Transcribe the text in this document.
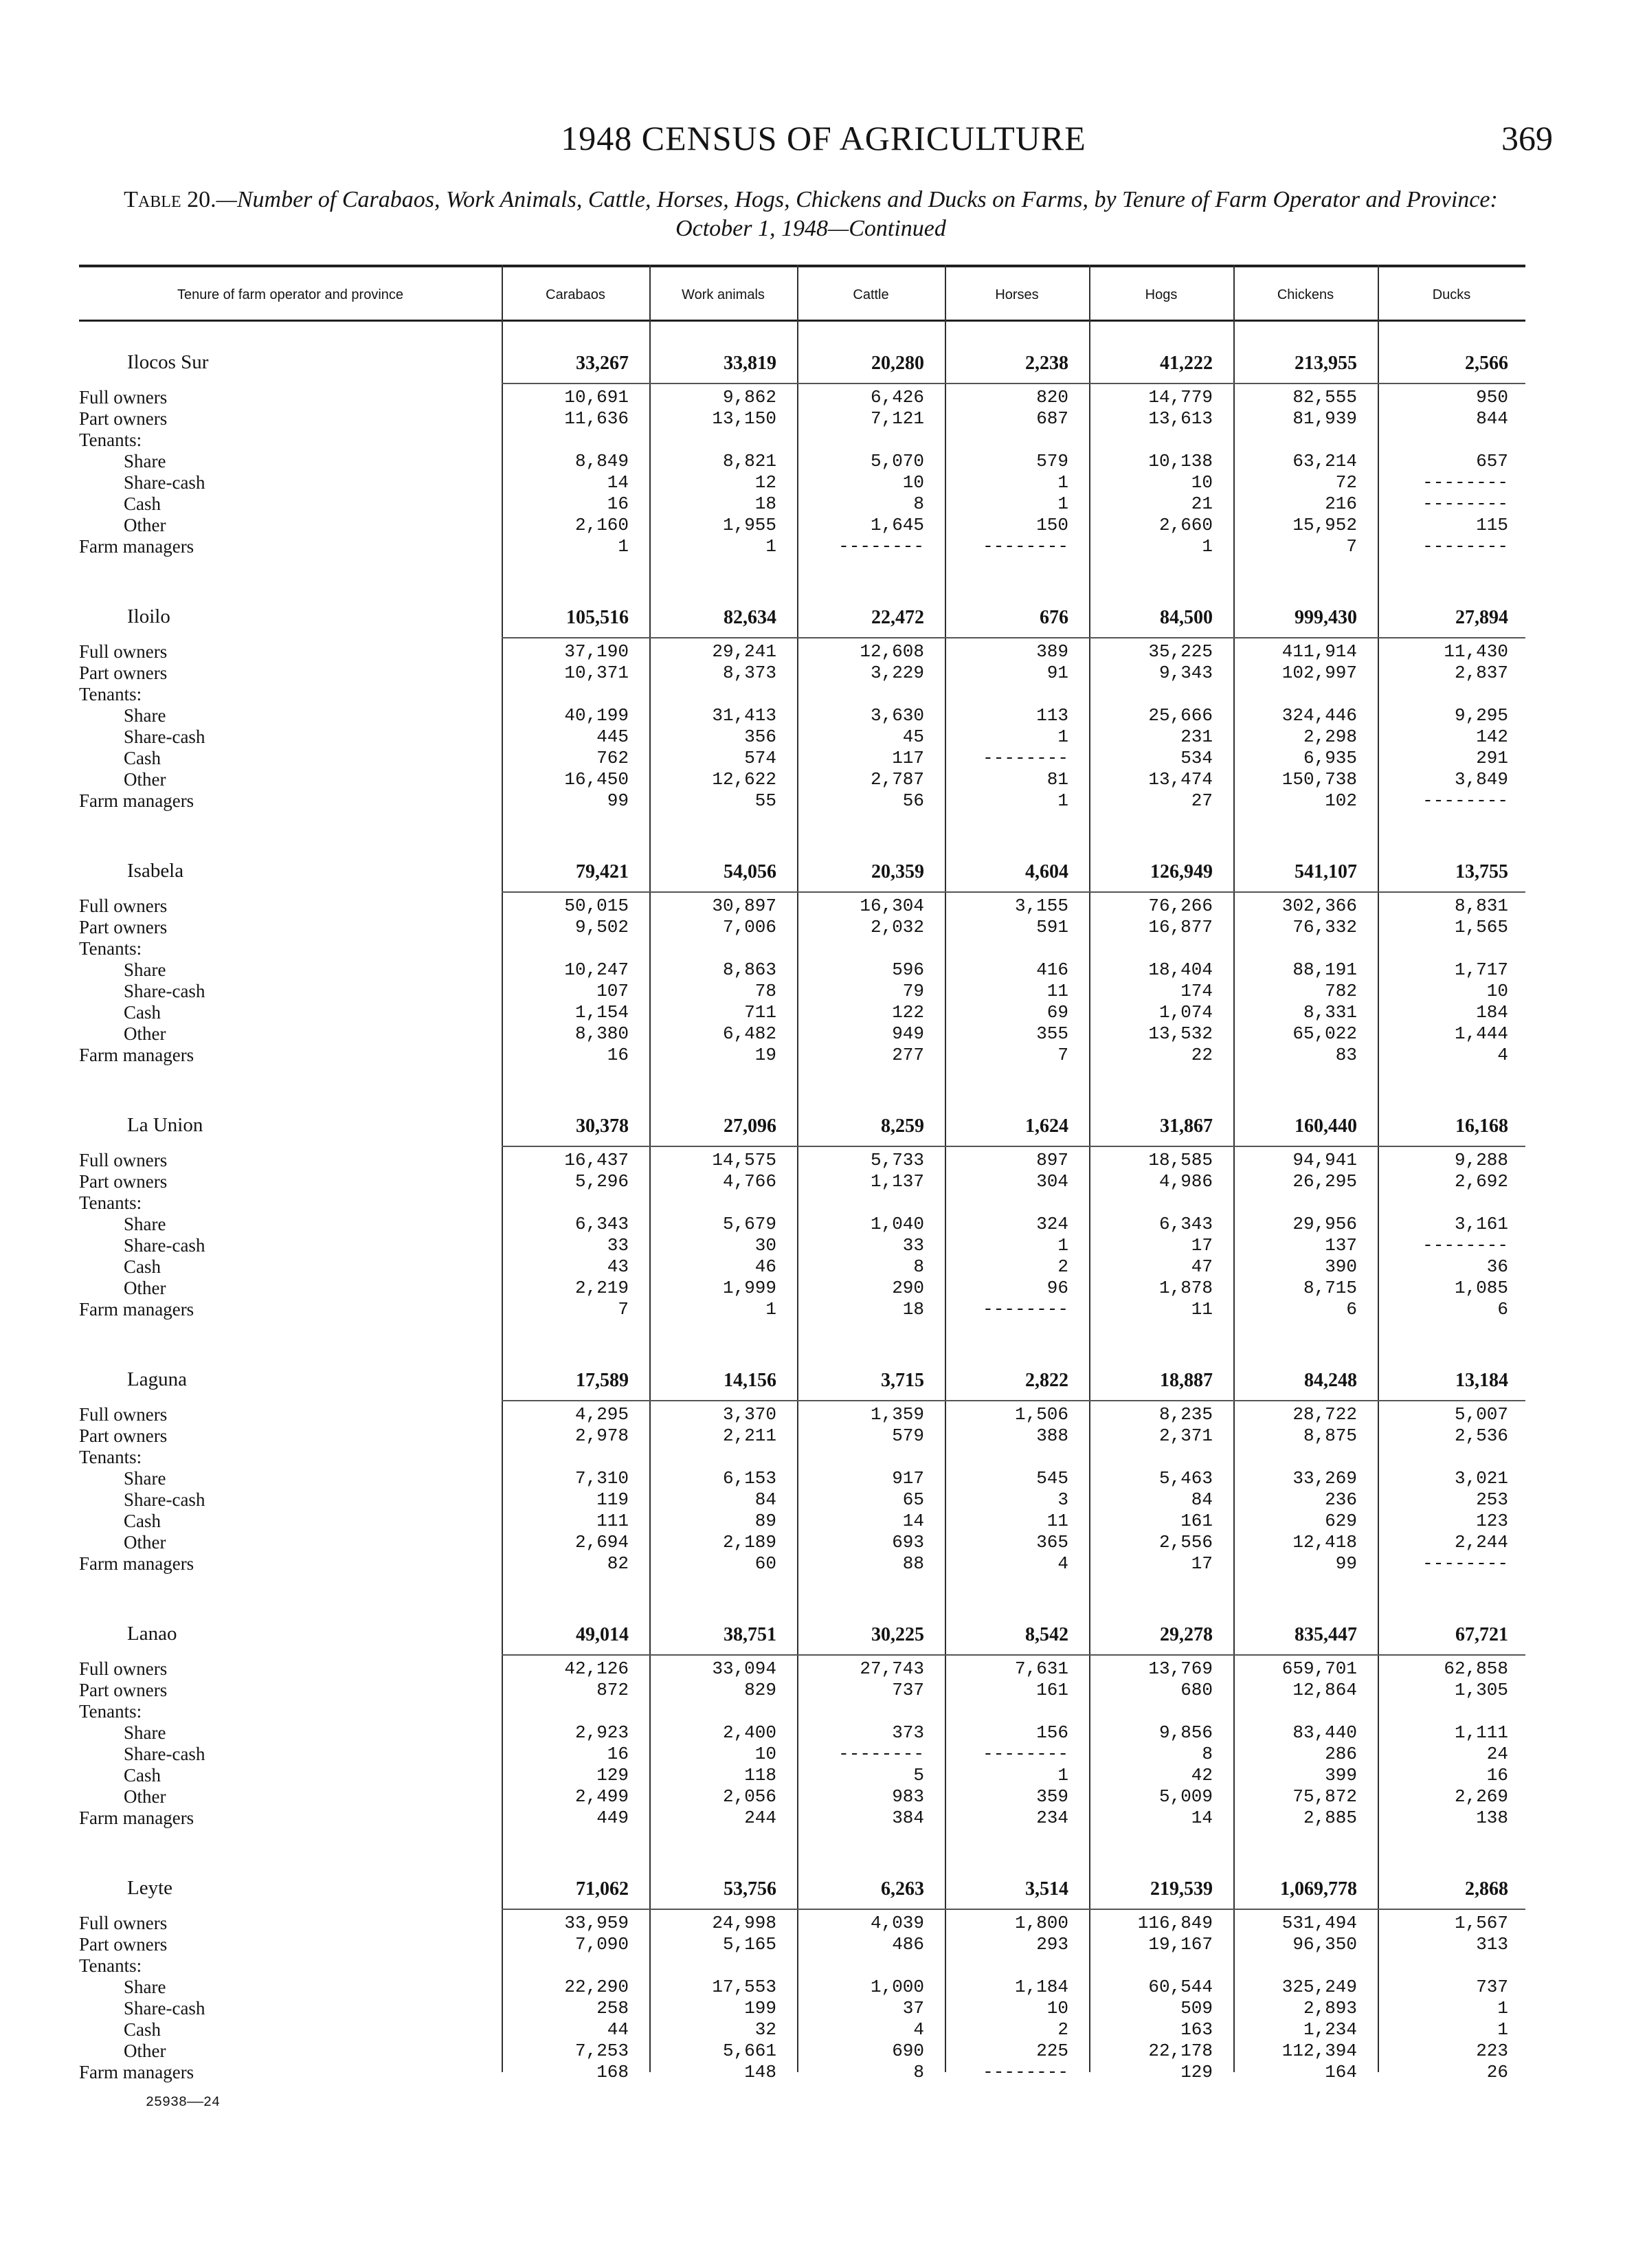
1948 CENSUS OF AGRICULTURE	369
Table 20.—Number of Carabaos, Work Animals, Cattle, Horses, Hogs, Chickens and Ducks on Farms, by Tenure of Farm Operator and Province: October 1, 1948—Continued
Tenure of farm operator and province	Carabaos	Work animals	Cattle	Horses	Hogs	Chickens	Ducks
Ilocos Sur	33,267	33,819	20,280	2,238	41,222	213,955	2,566
Full owners	10,691	9,862	6,426	820	14,779	82,555	950
Part owners	11,636	13,150	7,121	687	13,613	81,939	844
Tenants:
Share	8,849	8,821	5,070	579	10,138	63,214	657
Share-cash	14	12	10	1	10	72	--------
Cash	16	18	8	1	21	216	--------
Other	2,160	1,955	1,645	150	2,660	15,952	115
Farm managers	1	1	--------	--------	1	7	--------
Iloilo	105,516	82,634	22,472	676	84,500	999,430	27,894
Full owners	37,190	29,241	12,608	389	35,225	411,914	11,430
Part owners	10,371	8,373	3,229	91	9,343	102,997	2,837
Tenants:
Share	40,199	31,413	3,630	113	25,666	324,446	9,295
Share-cash	445	356	45	1	231	2,298	142
Cash	762	574	117	--------	534	6,935	291
Other	16,450	12,622	2,787	81	13,474	150,738	3,849
Farm managers	99	55	56	1	27	102	--------
Isabela	79,421	54,056	20,359	4,604	126,949	541,107	13,755
Full owners	50,015	30,897	16,304	3,155	76,266	302,366	8,831
Part owners	9,502	7,006	2,032	591	16,877	76,332	1,565
Tenants:
Share	10,247	8,863	596	416	18,404	88,191	1,717
Share-cash	107	78	79	11	174	782	10
Cash	1,154	711	122	69	1,074	8,331	184
Other	8,380	6,482	949	355	13,532	65,022	1,444
Farm managers	16	19	277	7	22	83	4
La Union	30,378	27,096	8,259	1,624	31,867	160,440	16,168
Full owners	16,437	14,575	5,733	897	18,585	94,941	9,288
Part owners	5,296	4,766	1,137	304	4,986	26,295	2,692
Tenants:
Share	6,343	5,679	1,040	324	6,343	29,956	3,161
Share-cash	33	30	33	1	17	137	--------
Cash	43	46	8	2	47	390	36
Other	2,219	1,999	290	96	1,878	8,715	1,085
Farm managers	7	1	18	--------	11	6	6
Laguna	17,589	14,156	3,715	2,822	18,887	84,248	13,184
Full owners	4,295	3,370	1,359	1,506	8,235	28,722	5,007
Part owners	2,978	2,211	579	388	2,371	8,875	2,536
Tenants:
Share	7,310	6,153	917	545	5,463	33,269	3,021
Share-cash	119	84	65	3	84	236	253
Cash	111	89	14	11	161	629	123
Other	2,694	2,189	693	365	2,556	12,418	2,244
Farm managers	82	60	88	4	17	99	--------
Lanao	49,014	38,751	30,225	8,542	29,278	835,447	67,721
Full owners	42,126	33,094	27,743	7,631	13,769	659,701	62,858
Part owners	872	829	737	161	680	12,864	1,305
Tenants:
Share	2,923	2,400	373	156	9,856	83,440	1,111
Share-cash	16	10	--------	--------	8	286	24
Cash	129	118	5	1	42	399	16
Other	2,499	2,056	983	359	5,009	75,872	2,269
Farm managers	449	244	384	234	14	2,885	138
Leyte	71,062	53,756	6,263	3,514	219,539	1,069,778	2,868
Full owners	33,959	24,998	4,039	1,800	116,849	531,494	1,567
Part owners	7,090	5,165	486	293	19,167	96,350	313
Tenants:
Share	22,290	17,553	1,000	1,184	60,544	325,249	737
Share-cash	258	199	37	10	509	2,893	1
Cash	44	32	4	2	163	1,234	1
Other	7,253	5,661	690	225	22,178	112,394	223
Farm managers	168	148	8	--------	129	164	26
25938——24
